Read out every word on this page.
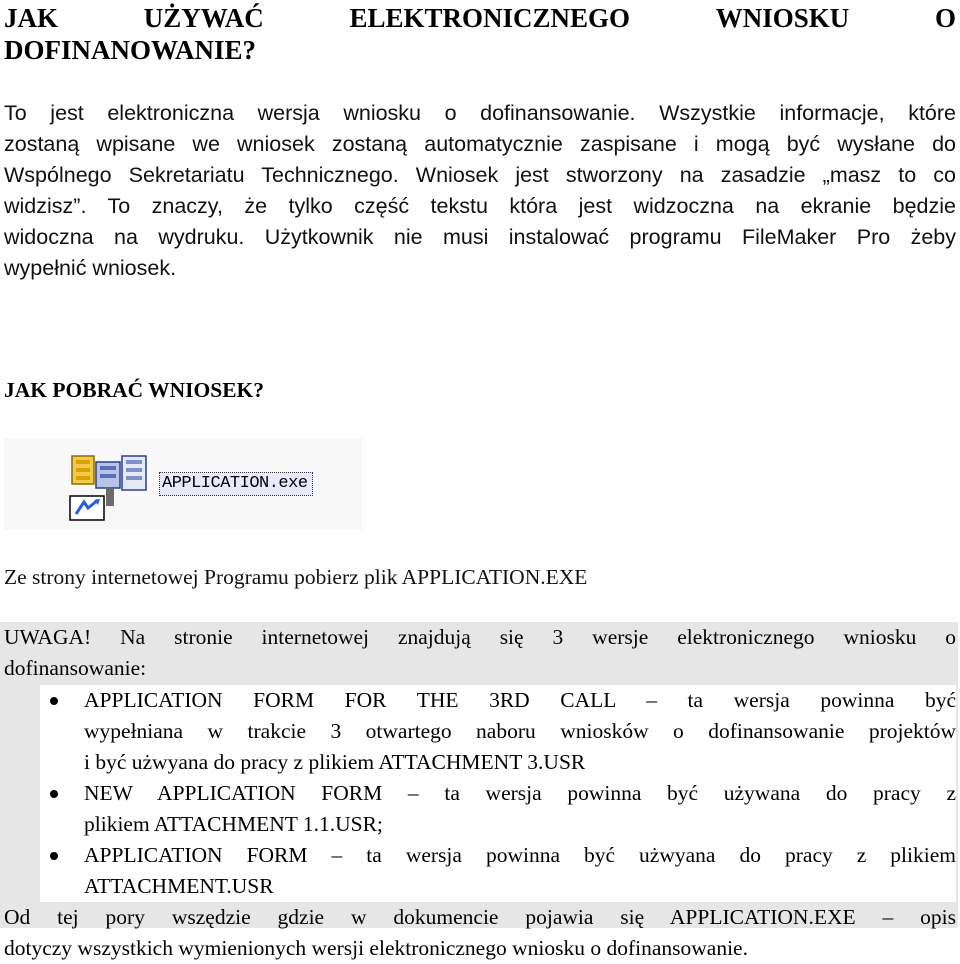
JAK	UŻYWAĆ	ELEKTRONICZNEGO	WNIOSKU	O
DOFINANOWANIE?
To jest elektroniczna wersja wniosku o dofinansowanie. Wszystkie informacje, które
zostaną wpisane we wniosek zostaną automatycznie zaspisane i mogą być wysłane do
Wspólnego Sekretariatu Technicznego. Wniosek jest stworzony na zasadzie „masz to co
widzisz”. To znaczy, że tylko część tekstu która jest widzoczna na ekranie będzie
widoczna na wydruku. Użytkownik nie musi instalować programu FileMaker Pro żeby
wypełnić wniosek.
JAK POBRAĆ WNIOSEK?
APPLICATION.exe
Ze strony internetowej Programu pobierz plik APPLICATION.EXE
UWAGA! Na stronie internetowej znajdują się 3 wersje elektronicznego wniosku o
dofinansowanie:
APPLICATION FORM FOR THE 3RD CALL – ta wersja powinna być
wypełniana w trakcie 3 otwartego naboru wniosków o dofinansowanie projektów
i być użwyana do pracy z plikiem ATTACHMENT 3.USR
NEW APPLICATION FORM – ta wersja powinna być używana do pracy z
plikiem ATTACHMENT 1.1.USR;
APPLICATION FORM – ta wersja powinna być użwyana do pracy z plikiem
ATTACHMENT.USR
Od tej pory wszędzie gdzie w dokumencie pojawia się APPLICATION.EXE – opis
dotyczy wszystkich wymienionych wersji elektronicznego wniosku o dofinansowanie.
